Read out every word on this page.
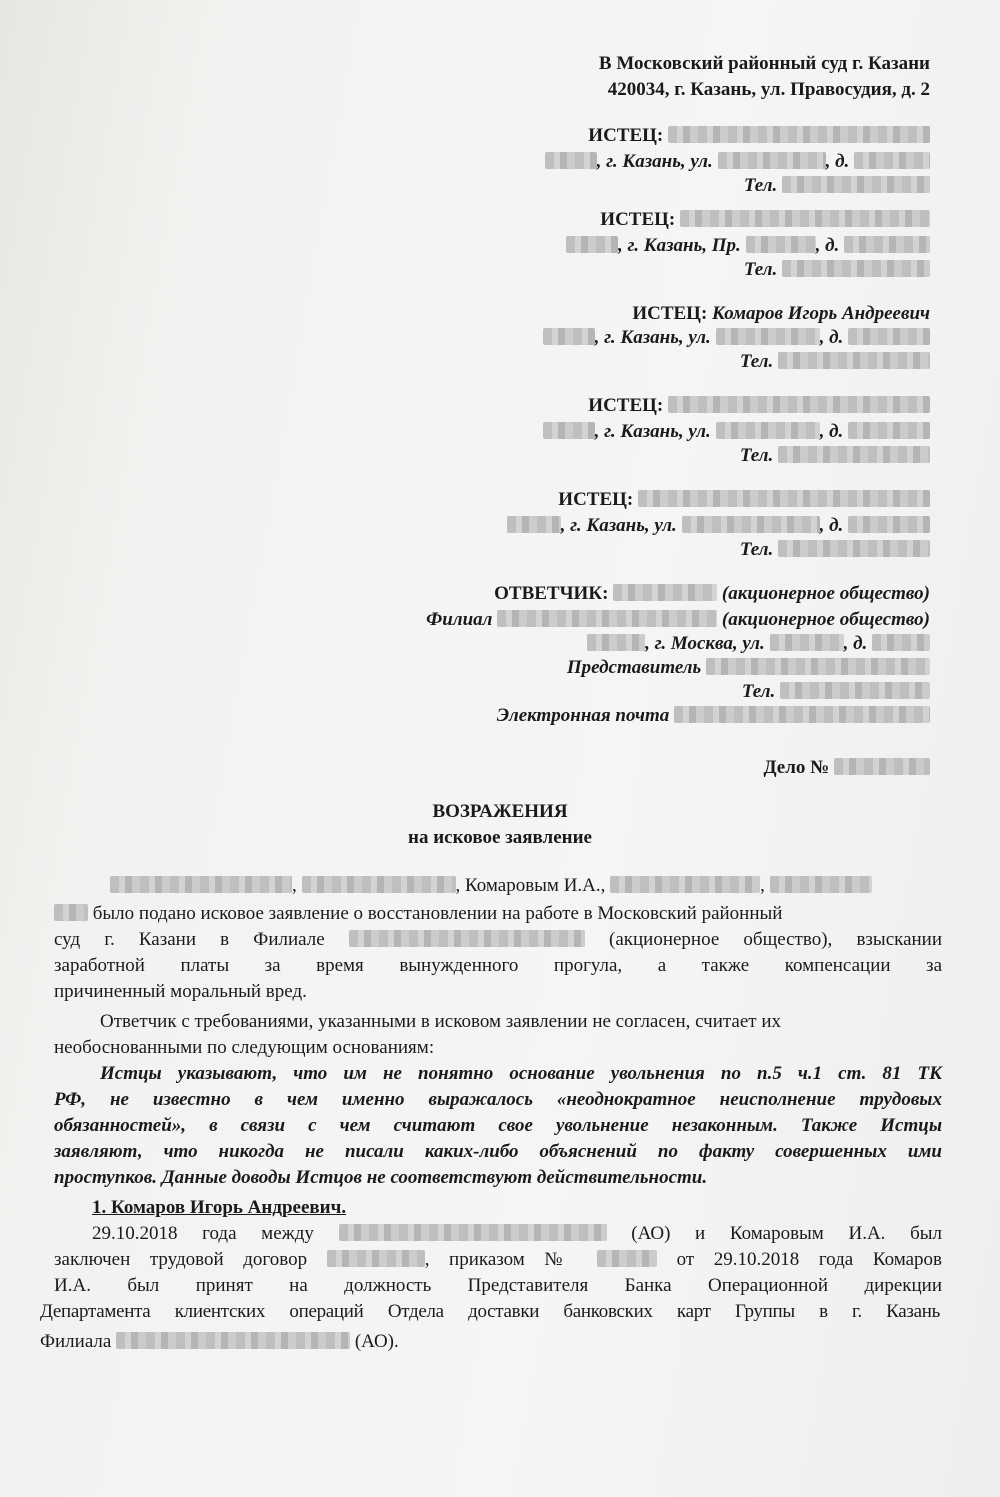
В Московский районный суд г. Казани
420034, г. Казань, ул. Правосудия, д. 2
ИСТЕЦ:
, г. Казань, ул.	, д.
Тел.
ИСТЕЦ:
, г. Казань, Пр.	, д.
Тел.
ИСТЕЦ: Комаров Игорь Андреевич
, г. Казань, ул.	, д.
Тел.
ИСТЕЦ:
, г. Казань, ул.	, д.
Тел.
ИСТЕЦ:
, г. Казань, ул.	, д.
Тел.
ОТВЕТЧИК:	(акционерное общество)
Филиал	(акционерное общество)
, г. Москва, ул.	, д.
Представитель
Тел.
Электронная почта
Дело №
ВОЗРАЖЕНИЯ
на исковое заявление
,	, Комаровым И.А.,	,
было подано исковое заявление о восстановлении на работе в Московский районный
суд г. Казани в Филиале	(акционерное общество), взыскании
заработной платы за время вынужденного прогула, а также компенсации за
причиненный моральный вред.
Ответчик с требованиями, указанными в исковом заявлении не согласен, считает их
необоснованными по следующим основаниям:
Истцы указывают, что им не понятно основание увольнения по п.5 ч.1 ст. 81 ТК
РФ, не известно в чем именно выражалось «неоднократное неисполнение трудовых
обязанностей», в связи с чем считают свое увольнение незаконным. Также Истцы
заявляют, что никогда не писали каких-либо объяснений по факту совершенных ими
проступков. Данные доводы Истцов не соответствуют действительности.
1. Комаров Игорь Андреевич.
29.10.2018 года между	(АО) и Комаровым И.А. был
заключен трудовой договор	, приказом №	от 29.10.2018 года Комаров
И.А. был принят на должность Представителя Банка Операционной дирекции
Департамента клиентских операций Отдела доставки банковских карт Группы в г. Казань
Филиала	(АО).
